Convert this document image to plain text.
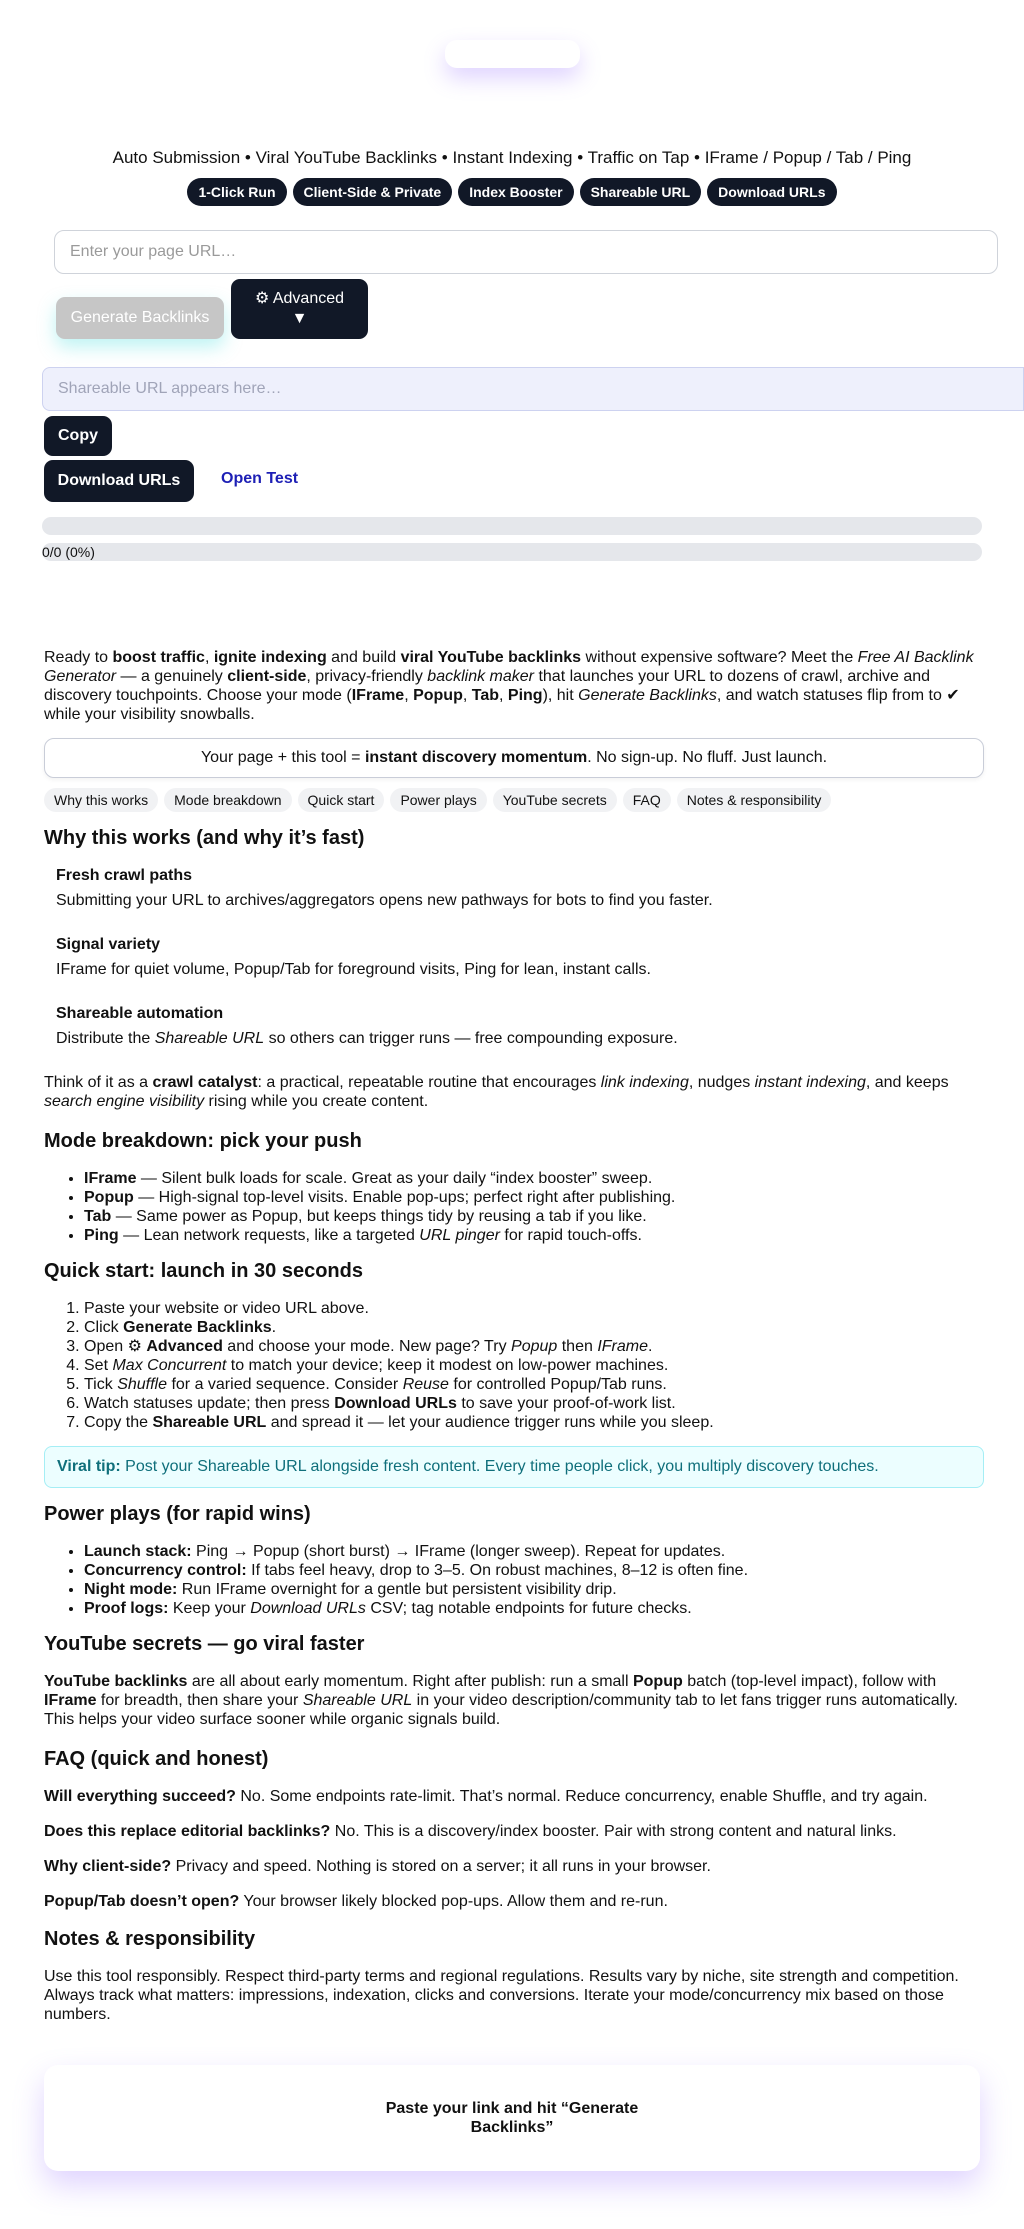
Auto Submission • Viral YouTube Backlinks • Instant Indexing • Traffic on Tap • IFrame / Popup / Tab / Ping
1-Click Run	Client-Side & Private	Index Booster	Shareable URL	Download URLs
Enter your page URL…
Generate Backlinks
⚙ Advanced
▼
Shareable URL appears here…
Copy
Download URLs	Open Test
0/0 (0%)

Ready to boost traffic, ignite indexing and build viral YouTube backlinks without expensive software? Meet the Free AI Backlink Generator — a genuinely client-side, privacy-friendly backlink maker that launches your URL to dozens of crawl, archive and discovery touchpoints. Choose your mode (IFrame, Popup, Tab, Ping), hit Generate Backlinks, and watch statuses flip from to ✔ while your visibility snowballs.

Your page + this tool = instant discovery momentum. No sign-up. No fluff. Just launch.
Why this works	Mode breakdown	Quick start	Power plays	YouTube secrets	FAQ	Notes & responsibility
Why this works (and why it’s fast)
Fresh crawl paths

Submitting your URL to archives/aggregators opens new pathways for bots to find you faster.

Signal variety

IFrame for quiet volume, Popup/Tab for foreground visits, Ping for lean, instant calls.

Shareable automation

Distribute the Shareable URL so others can trigger runs — free compounding exposure.

Think of it as a crawl catalyst: a practical, repeatable routine that encourages link indexing, nudges instant indexing, and keeps search engine visibility rising while you create content.

Mode breakdown: pick your push
• IFrame — Silent bulk loads for scale. Great as your daily “index booster” sweep.
• Popup — High-signal top-level visits. Enable pop-ups; perfect right after publishing.
• Tab — Same power as Popup, but keeps things tidy by reusing a tab if you like.
• Ping — Lean network requests, like a targeted URL pinger for rapid touch-offs.
Quick start: launch in 30 seconds
1. Paste your website or video URL above.
2. Click Generate Backlinks.
3. Open ⚙ Advanced and choose your mode. New page? Try Popup then IFrame.
4. Set Max Concurrent to match your device; keep it modest on low-power machines.
5. Tick Shuffle for a varied sequence. Consider Reuse for controlled Popup/Tab runs.
6. Watch statuses update; then press Download URLs to save your proof-of-work list.
7. Copy the Shareable URL and spread it — let your audience trigger runs while you sleep.
Viral tip: Post your Shareable URL alongside fresh content. Every time people click, you multiply discovery touches.
Power plays (for rapid wins)
• Launch stack: Ping → Popup (short burst) → IFrame (longer sweep). Repeat for updates.
• Concurrency control: If tabs feel heavy, drop to 3–5. On robust machines, 8–12 is often fine.
• Night mode: Run IFrame overnight for a gentle but persistent visibility drip.
• Proof logs: Keep your Download URLs CSV; tag notable endpoints for future checks.
YouTube secrets — go viral faster

YouTube backlinks are all about early momentum. Right after publish: run a small Popup batch (top-level impact), follow with IFrame for breadth, then share your Shareable URL in your video description/community tab to let fans trigger runs automatically. This helps your video surface sooner while organic signals build.

FAQ (quick and honest)

Will everything succeed? No. Some endpoints rate-limit. That’s normal. Reduce concurrency, enable Shuffle, and try again.

Does this replace editorial backlinks? No. This is a discovery/index booster. Pair with strong content and natural links.

Why client-side? Privacy and speed. Nothing is stored on a server; it all runs in your browser.

Popup/Tab doesn’t open? Your browser likely blocked pop-ups. Allow them and re-run.

Notes & responsibility

Use this tool responsibly. Respect third-party terms and regional regulations. Results vary by niche, site strength and competition. Always track what matters: impressions, indexation, clicks and conversions. Iterate your mode/concurrency mix based on those numbers.

Paste your link and hit “Generate Backlinks”
